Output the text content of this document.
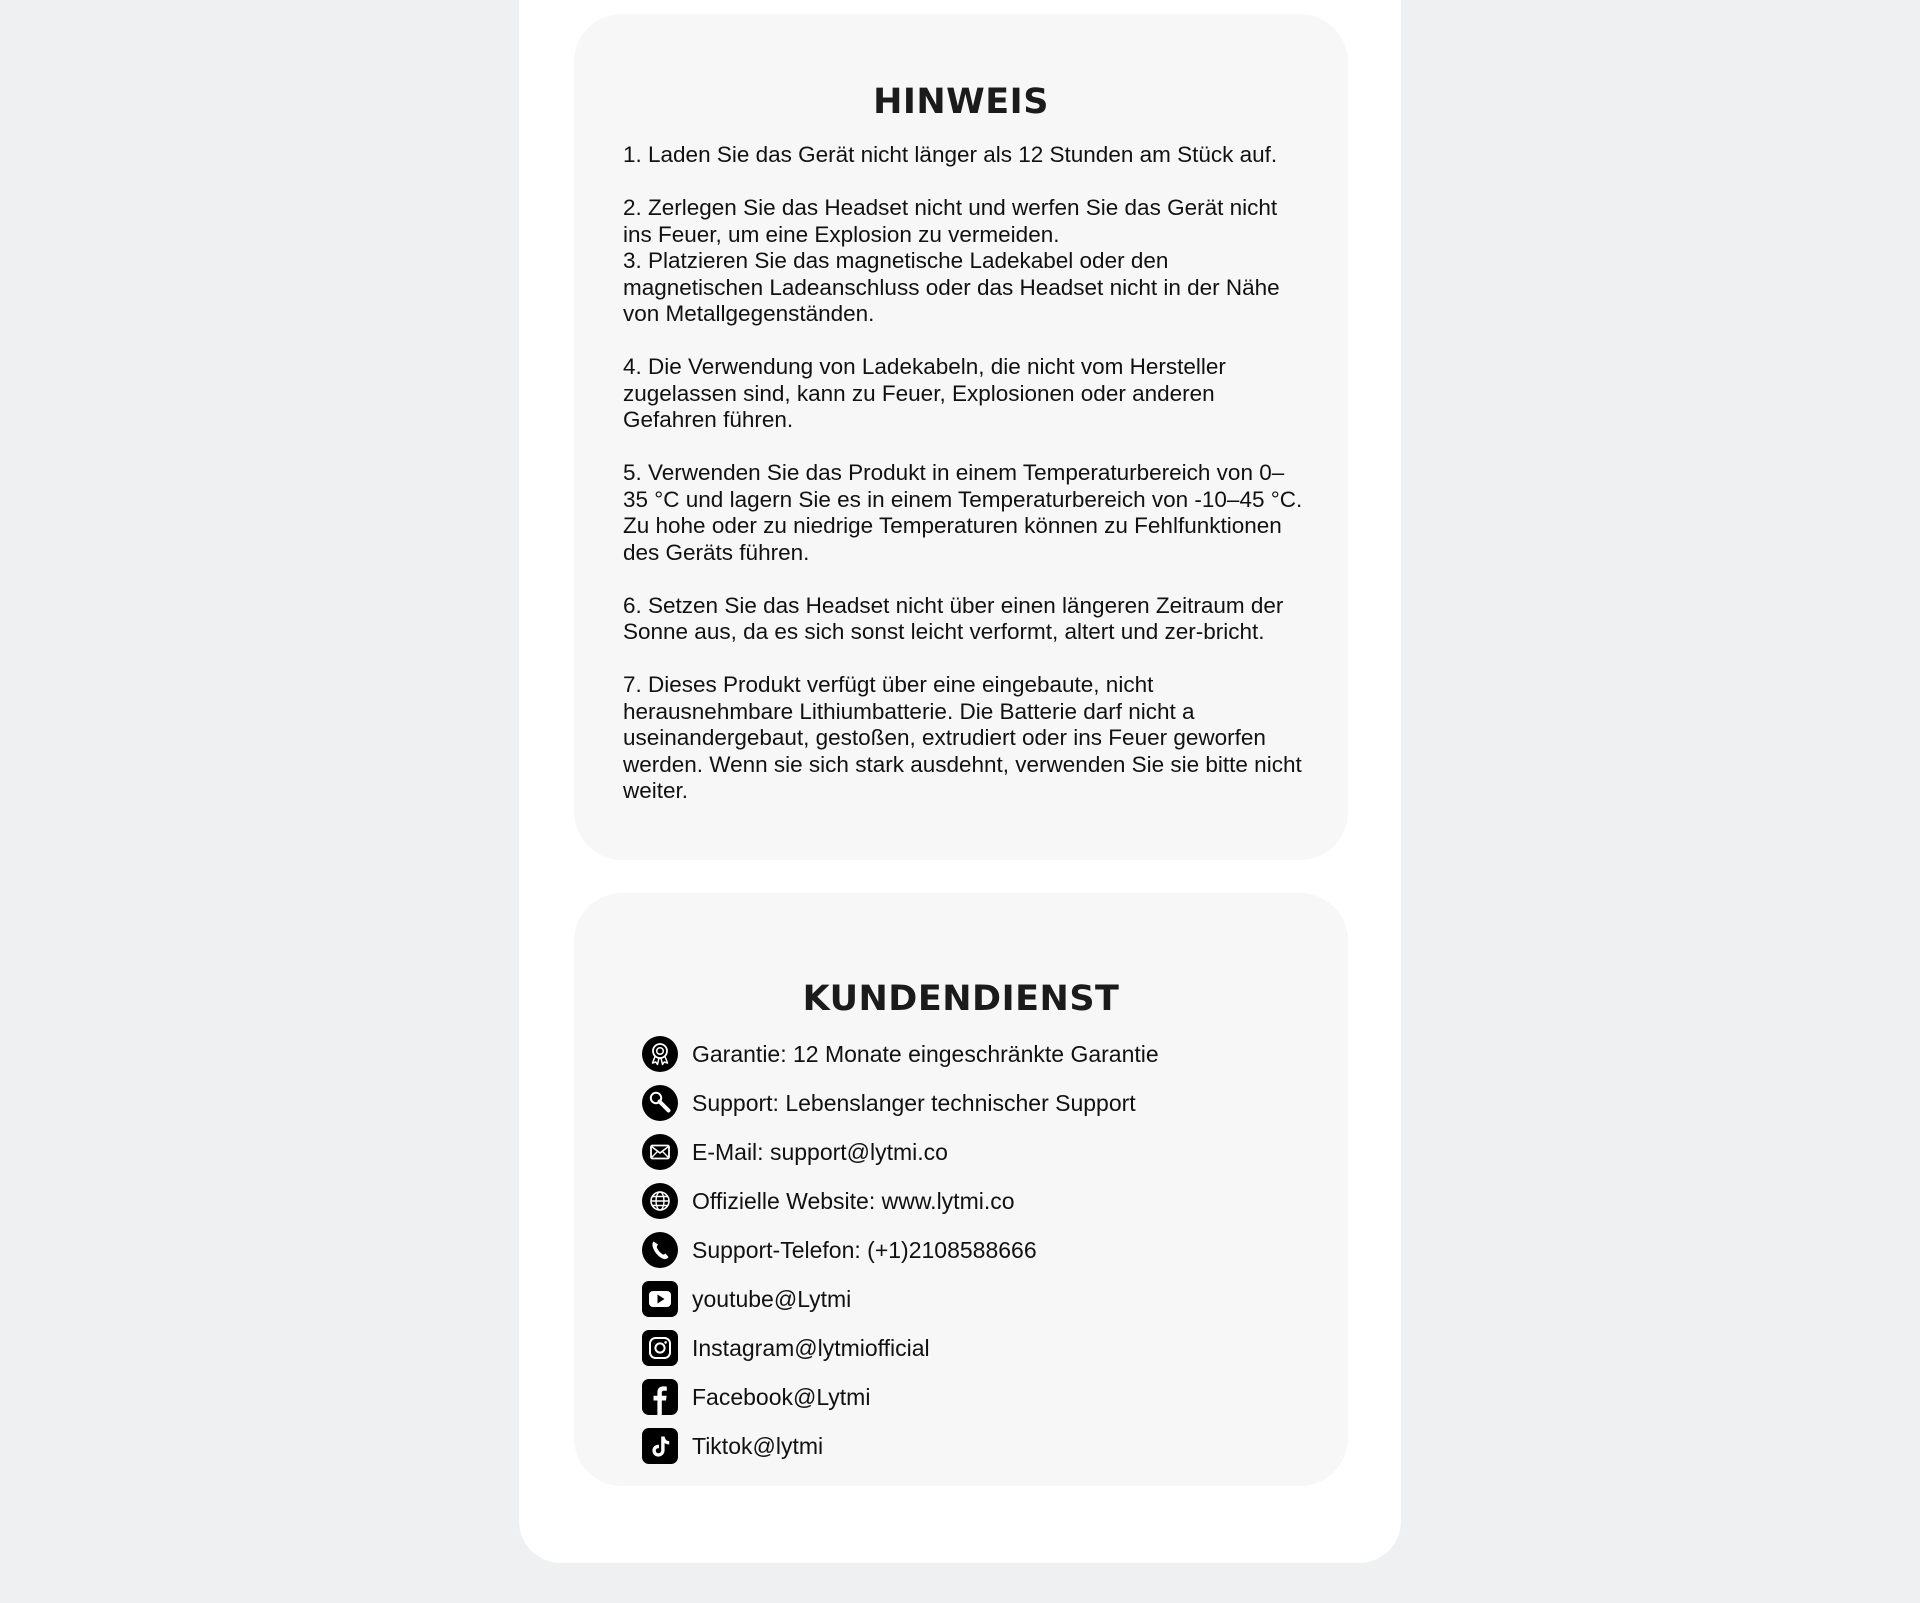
HINWEIS

1. Laden Sie das Gerät nicht länger als 12 Stunden am Stück auf.

2. Zerlegen Sie das Headset nicht und werfen Sie das Gerät nicht ins Feuer, um eine Explosion zu vermeiden.

3. Platzieren Sie das magnetische Ladekabel oder den magnetischen Ladeanschluss oder das Headset nicht in der Nähe von Metallgegenständen.

4. Die Verwendung von Ladekabeln, die nicht vom Hersteller zugelassen sind, kann zu Feuer, Explosionen oder anderen Gefahren führen.

5. Verwenden Sie das Produkt in einem Temperaturbereich von 0–35 °C und lagern Sie es in einem Temperaturbereich von -10–45 °C. Zu hohe oder zu niedrige Temperaturen können zu Fehlfunktionen des Geräts führen.

6. Setzen Sie das Headset nicht über einen längeren Zeitraum der Sonne aus, da es sich sonst leicht verformt, altert und zer-bricht.

7. Dieses Produkt verfügt über eine eingebaute, nicht herausnehmbare Lithiumbatterie. Die Batterie darf nicht a useinandergebaut, gestoßen, extrudiert oder ins Feuer geworfen werden. Wenn sie sich stark ausdehnt, verwenden Sie sie bitte nicht weiter.

KUNDENDIENST
Garantie: 12 Monate eingeschränkte Garantie
Support: Lebenslanger technischer Support
E-Mail: support@lytmi.co
Offizielle Website: www.lytmi.co
Support-Telefon: (+1)2108588666
youtube@Lytmi
Instagram@lytmiofficial
Facebook@Lytmi
Tiktok@lytmi
